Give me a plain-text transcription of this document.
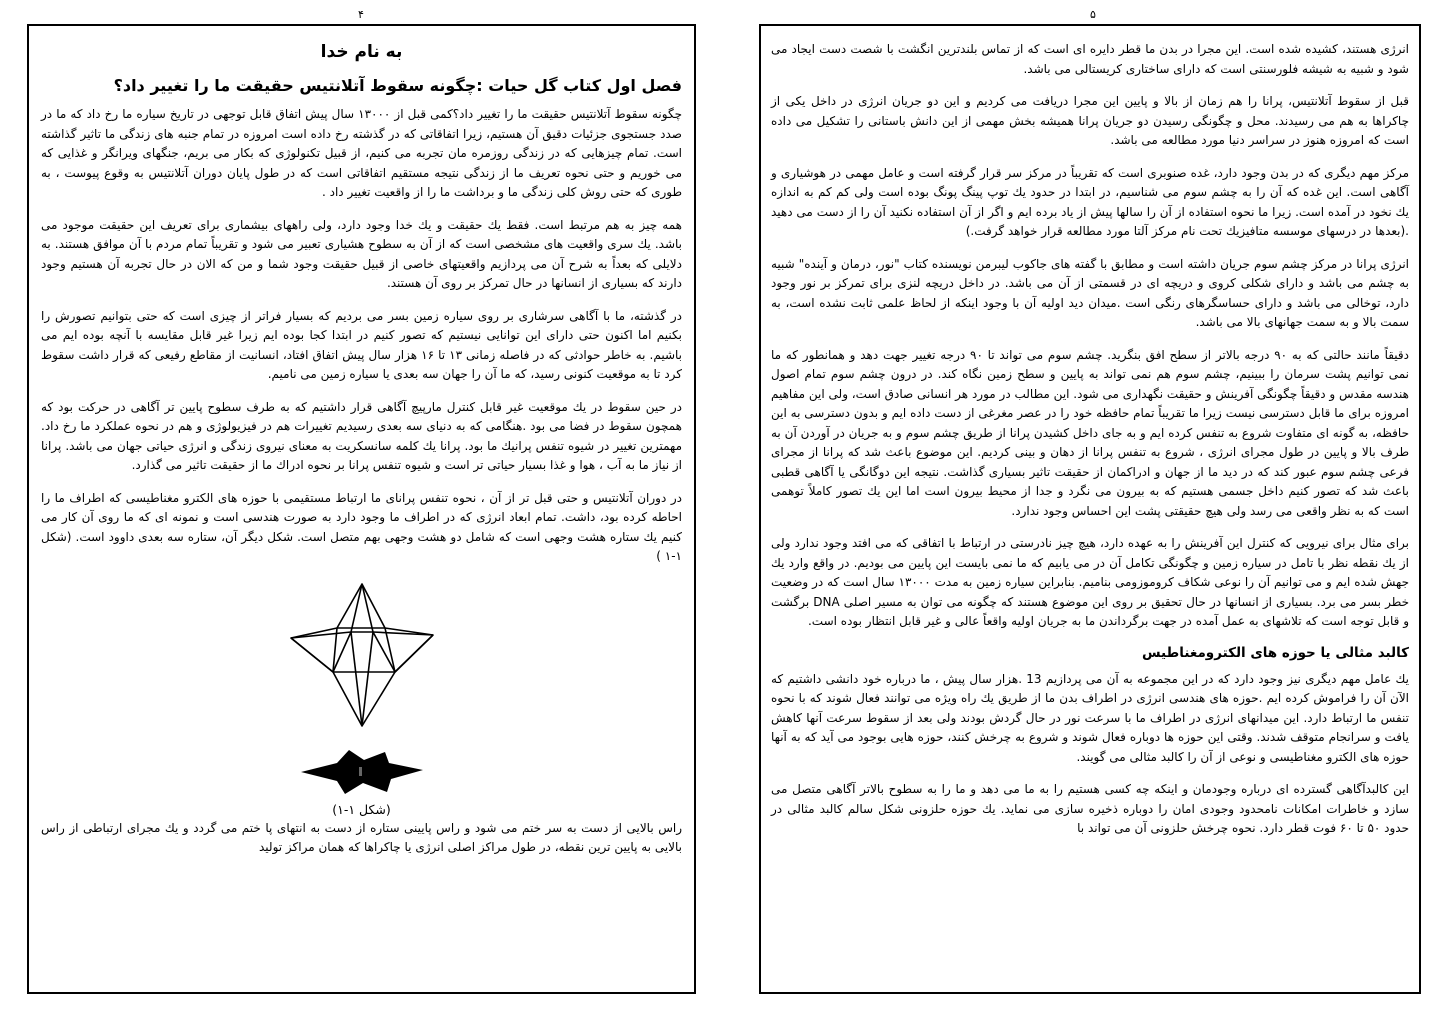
۴	۵
به نام خدا
فصل اول کتاب گل حیات :چگونه سقوط آتلانتیس حقیقت ما را تغییر داد؟

چگونه سقوط آتلانتیس حقیقت ما را تغییر داد؟کمی قبل از ۱۳۰۰۰ سال پیش اتفاق قابل توجهی در تاریخ سیاره ما رخ داد که ما در صدد جستجوی جزئیات دقیق آن هستیم، زیرا اتفاقاتی که در گذشته رخ داده است امروزه در تمام جنبه های زندگی ما تاثیر گذاشته است. تمام چیزهایی که در زندگی روزمره مان تجربه می کنیم، از قبیل تکنولوژی که بکار می بریم، جنگهای ویرانگر و غذایی که می خوریم و حتی نحوه تعریف ما از زندگی نتیجه مستقیم اتفاقاتی است که در طول پایان دوران آتلانتیس به وقوع پیوست ، به طوری که حتی روش کلی زندگی ما و برداشت ما را از واقعیت تغییر داد .

همه چیز به هم مرتبط است. فقط یك حقیقت و یك خدا وجود دارد، ولی راههای بیشماری برای تعریف این حقیقت موجود می باشد. یك سری واقعیت های مشخصی است که از آن به سطوح هشیاری تعبیر می شود و تقریباً تمام مردم با آن موافق هستند. به دلایلی که بعداً به شرح آن می پردازیم واقعیتهای خاصی از قبیل حقیقت وجود شما و من که الان در حال تجربه آن هستیم وجود دارند که بسیاری از انسانها در حال تمرکز بر روی آن هستند.

در گذشته، ما با آگاهی سرشاری بر روی سیاره زمین بسر می بردیم که بسیار فراتر از چیزی است که حتی بتوانیم تصورش را بکنیم اما اکنون حتی دارای این توانایی نیستیم که تصور کنیم در ابتدا کجا بوده ایم زیرا غیر قابل مقایسه با آنچه بوده ایم می باشیم. به خاطر حوادثی که در فاصله زمانی ۱۳ تا ۱۶ هزار سال پیش اتفاق افتاد، انسانیت از مقاطع رفیعی که قرار داشت سقوط کرد تا به موقعیت کنونی رسید، که ما آن را جهان سه بعدی یا سیاره زمین می نامیم.

در حین سقوط در یك موقعیت غیر قابل کنترل مارپیچ آگاهی قرار داشتیم که به طرف سطوح پایین تر آگاهی در حرکت بود که همچون سقوط در فضا می بود .هنگامی که به دنیای سه بعدی رسیدیم تغییرات هم در فیزیولوژی و هم در نحوه عملکرد ما رخ داد. مهمترین تغییر در شیوه تنفس پرانیك ما بود. پرانا یك کلمه سانسکریت به معنای نیروی زندگی و انرژی حیاتی جهان می باشد. پرانا از نیاز ما به آب ، هوا و غذا بسیار حیاتی تر است و شیوه تنفس پرانا بر نحوه ادراك ما از حقیقت تاثیر می گذارد.

در دوران آتلانتیس و حتی قبل تر از آن ، نحوه تنفس پرانای ما ارتباط مستقیمی با حوزه های الکترو مغناطیسی که اطراف ما را احاطه کرده بود، داشت. تمام ابعاد انرژی که در اطراف ما وجود دارد به صورت هندسی است و نمونه ای که ما روی آن کار می کنیم یك ستاره هشت وجهی است که شامل دو هشت وجهی بهم متصل است. شکل دیگر آن، ستاره سه بعدی داوود است. (شکل ۱-۱ )

(شکل ۱-۱)

راس بالایی از دست به سر ختم می شود و راس پایینی ستاره از دست به انتهای پا ختم می گردد و یك مجرای ارتباطی از راس بالایی به پایین ترین نقطه، در طول مراکز اصلی انرژی یا چاکراها که همان مراکز تولید

انرژی هستند، کشیده شده است. این مجرا در بدن ما قطر دایره ای است که از تماس بلندترین انگشت با شصت دست ایجاد می شود و شبیه به شیشه فلورسنتی است که دارای ساختاری کریستالی می باشد.

قبل از سقوط آتلانتیس، پرانا را هم زمان از بالا و پایین این مجرا دریافت می کردیم و این دو جریان انرژی در داخل یکی از چاکراها به هم می رسیدند. محل و چگونگی رسیدن دو جریان پرانا همیشه بخش مهمی از این دانش باستانی را تشکیل می داده است که امروزه هنوز در سراسر دنیا مورد مطالعه می باشد.

مرکز مهم دیگری که در بدن وجود دارد، غده صنوبری است که تقریباً در مرکز سر قرار گرفته است و عامل مهمی در هوشیاری و آگاهی است. این غده که آن را به چشم سوم می شناسیم، در ابتدا در حدود یك توپ پینگ پونگ بوده است ولی کم کم به اندازه یك نخود در آمده است. زیرا ما نحوه استفاده از آن را سالها پیش از یاد برده ایم و اگر از آن استفاده نکنید آن را از دست می دهید .(بعدها در درسهای موسسه متافیزیك تحت نام مرکز آلتا مورد مطالعه قرار خواهد گرفت.)

انرژی پرانا در مرکز چشم سوم جریان داشته است و مطابق با گفته های جاکوب لیبرمن نویسنده کتاب "نور، درمان و آینده" شبیه به چشم می باشد و دارای شکلی کروی و دریچه ای در قسمتی از آن می باشد. در داخل دریچه لنزی برای تمرکز بر نور وجود دارد، توخالی می باشد و دارای حساسگرهای رنگی است .میدان دید اولیه آن با وجود اینکه از لحاظ علمی ثابت نشده است، به سمت بالا و به سمت جهانهای بالا می باشد.

دقیقاً مانند حالتی که به ۹۰ درجه بالاتر از سطح افق بنگرید. چشم سوم می تواند تا ۹۰ درجه تغییر جهت دهد و همانطور که ما نمی توانیم پشت سرمان را ببینیم، چشم سوم هم نمی تواند به پایین و سطح زمین نگاه کند. در درون چشم سوم تمام اصول هندسه مقدس و دقیقاً چگونگی آفرینش و حقیقت نگهداری می شود. این مطالب در مورد هر انسانی صادق است، ولی این مفاهیم امروزه برای ما قابل دسترسی نیست زیرا ما تقریباً تمام حافظه خود را در عصر مغرغی از دست داده ایم و بدون دسترسی به این حافظه، به گونه ای متفاوت شروع به تنفس کرده ایم و به جای داخل کشیدن پرانا از طریق چشم سوم و به جریان در آوردن آن به طرف بالا و پایین در طول مجرای انرژی ، شروع به تنفس پرانا از دهان و بینی کردیم. این موضوع باعث شد که پرانا از مجرای فرعی چشم سوم عبور کند که در دید ما از جهان و ادراکمان از حقیقت تاثیر بسیاری گذاشت. نتیجه این دوگانگی یا آگاهی قطبی باعث شد که تصور کنیم داخل جسمی هستیم که به بیرون می نگرد و جدا از محیط بیرون است اما این یك تصور کاملاً توهمی است که به نظر واقعی می رسد ولی هیچ حقیقتی پشت این احساس وجود ندارد.

برای مثال برای نیرویی که کنترل این آفرینش را به عهده دارد، هیچ چیز نادرستی در ارتباط با اتفاقی که می افتد وجود ندارد ولی از یك نقطه نظر با تامل در سیاره زمین و چگونگی تکامل آن در می یابیم که ما نمی بایست این پایین می بودیم. در واقع وارد یك جهش شده ایم و می توانیم آن را نوعی شکاف کروموزومی بنامیم. بنابراین سیاره زمین به مدت ۱۳۰۰۰ سال است که در وضعیت خطر بسر می برد. بسیاری از انسانها در حال تحقیق بر روی این موضوع هستند که چگونه می توان به مسیر اصلی DNA برگشت و قابل توجه است که تلاشهای به عمل آمده در جهت برگرداندن ما به جریان اولیه واقعاً عالی و غیر قابل انتظار بوده است.

کالبد مثالی یا حوزه های الکترومغناطیس

یك عامل مهم دیگری نیز وجود دارد که در این مجموعه به آن می پردازیم 13 .هزار سال پیش ، ما درباره خود دانشی داشتیم که الآن آن را فراموش کرده ایم .حوزه های هندسی انرژی در اطراف بدن ما از طریق یك راه ویژه می توانند فعال شوند که با نحوه تنفس ما ارتباط دارد. این میدانهای انرژی در اطراف ما با سرعت نور در حال گردش بودند ولی بعد از سقوط سرعت آنها کاهش یافت و سرانجام متوقف شدند. وقتی این حوزه ها دوباره فعال شوند و شروع به چرخش کنند، حوزه هایی بوجود می آید که به آنها حوزه های الکترو مغناطیسی و نوعی از آن را کالبد مثالی می گویند.

این کالبدآگاهی گسترده ای درباره وجودمان و اینکه چه کسی هستیم را به ما می دهد و ما را به سطوح بالاتر آگاهی متصل می سازد و خاطرات امکانات نامحدود وجودی امان را دوباره ذخیره سازی می نماید. یك حوزه حلزونی شکل سالم کالبد مثالی در حدود ۵۰ تا ۶۰ فوت قطر دارد. نحوه چرخش حلزونی آن می تواند با
